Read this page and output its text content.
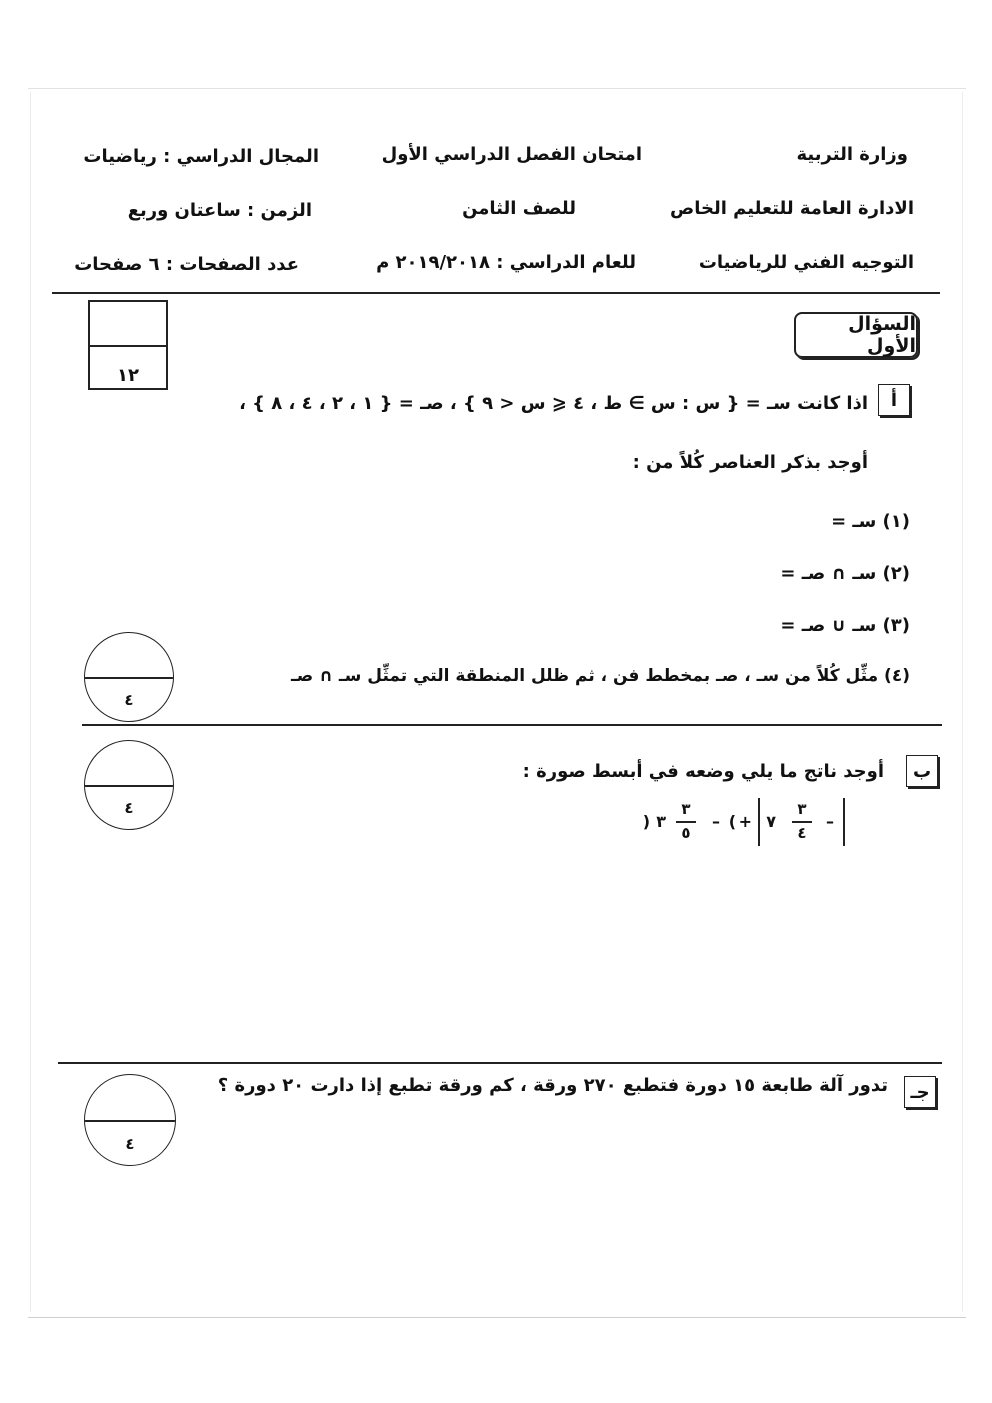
وزارة التربية
الادارة العامة للتعليم الخاص
التوجيه الفني للرياضيات
امتحان الفصل الدراسي الأول
للصف الثامن
للعام الدراسي : ٢٠١٩/٢٠١٨ م
المجال الدراسي : رياضيات
الزمن : ساعتان وربع
عدد الصفحات : ٦ صفحات
السؤال الأول
١٢
أ
اذا كانت سـ = { س : س ∋ ط ، ٤ ⩽ س < ٩ } ، صـ = { ١ ، ٢ ، ٤ ، ٨ } ،
أوجد بذكر العناصر كُلاً من :
(١) سـ =
(٢) سـ ∩ صـ =
(٣) سـ ∪ صـ =
(٤) مثِّل كُلاً من سـ ، صـ بمخطط فن ، ثم ظلل المنطقة التي تمثِّل سـ ∩ صـ
٤
ب
أوجد ناتج ما يلي وضعه في أبسط صورة :
٤
–
٣
٤
٧
+
)
–
٣
٥
٣
(
جـ
تدور آلة طابعة ١٥ دورة فتطبع ٢٧٠ ورقة ، كم ورقة تطبع إذا دارت ٢٠ دورة ؟
٤
